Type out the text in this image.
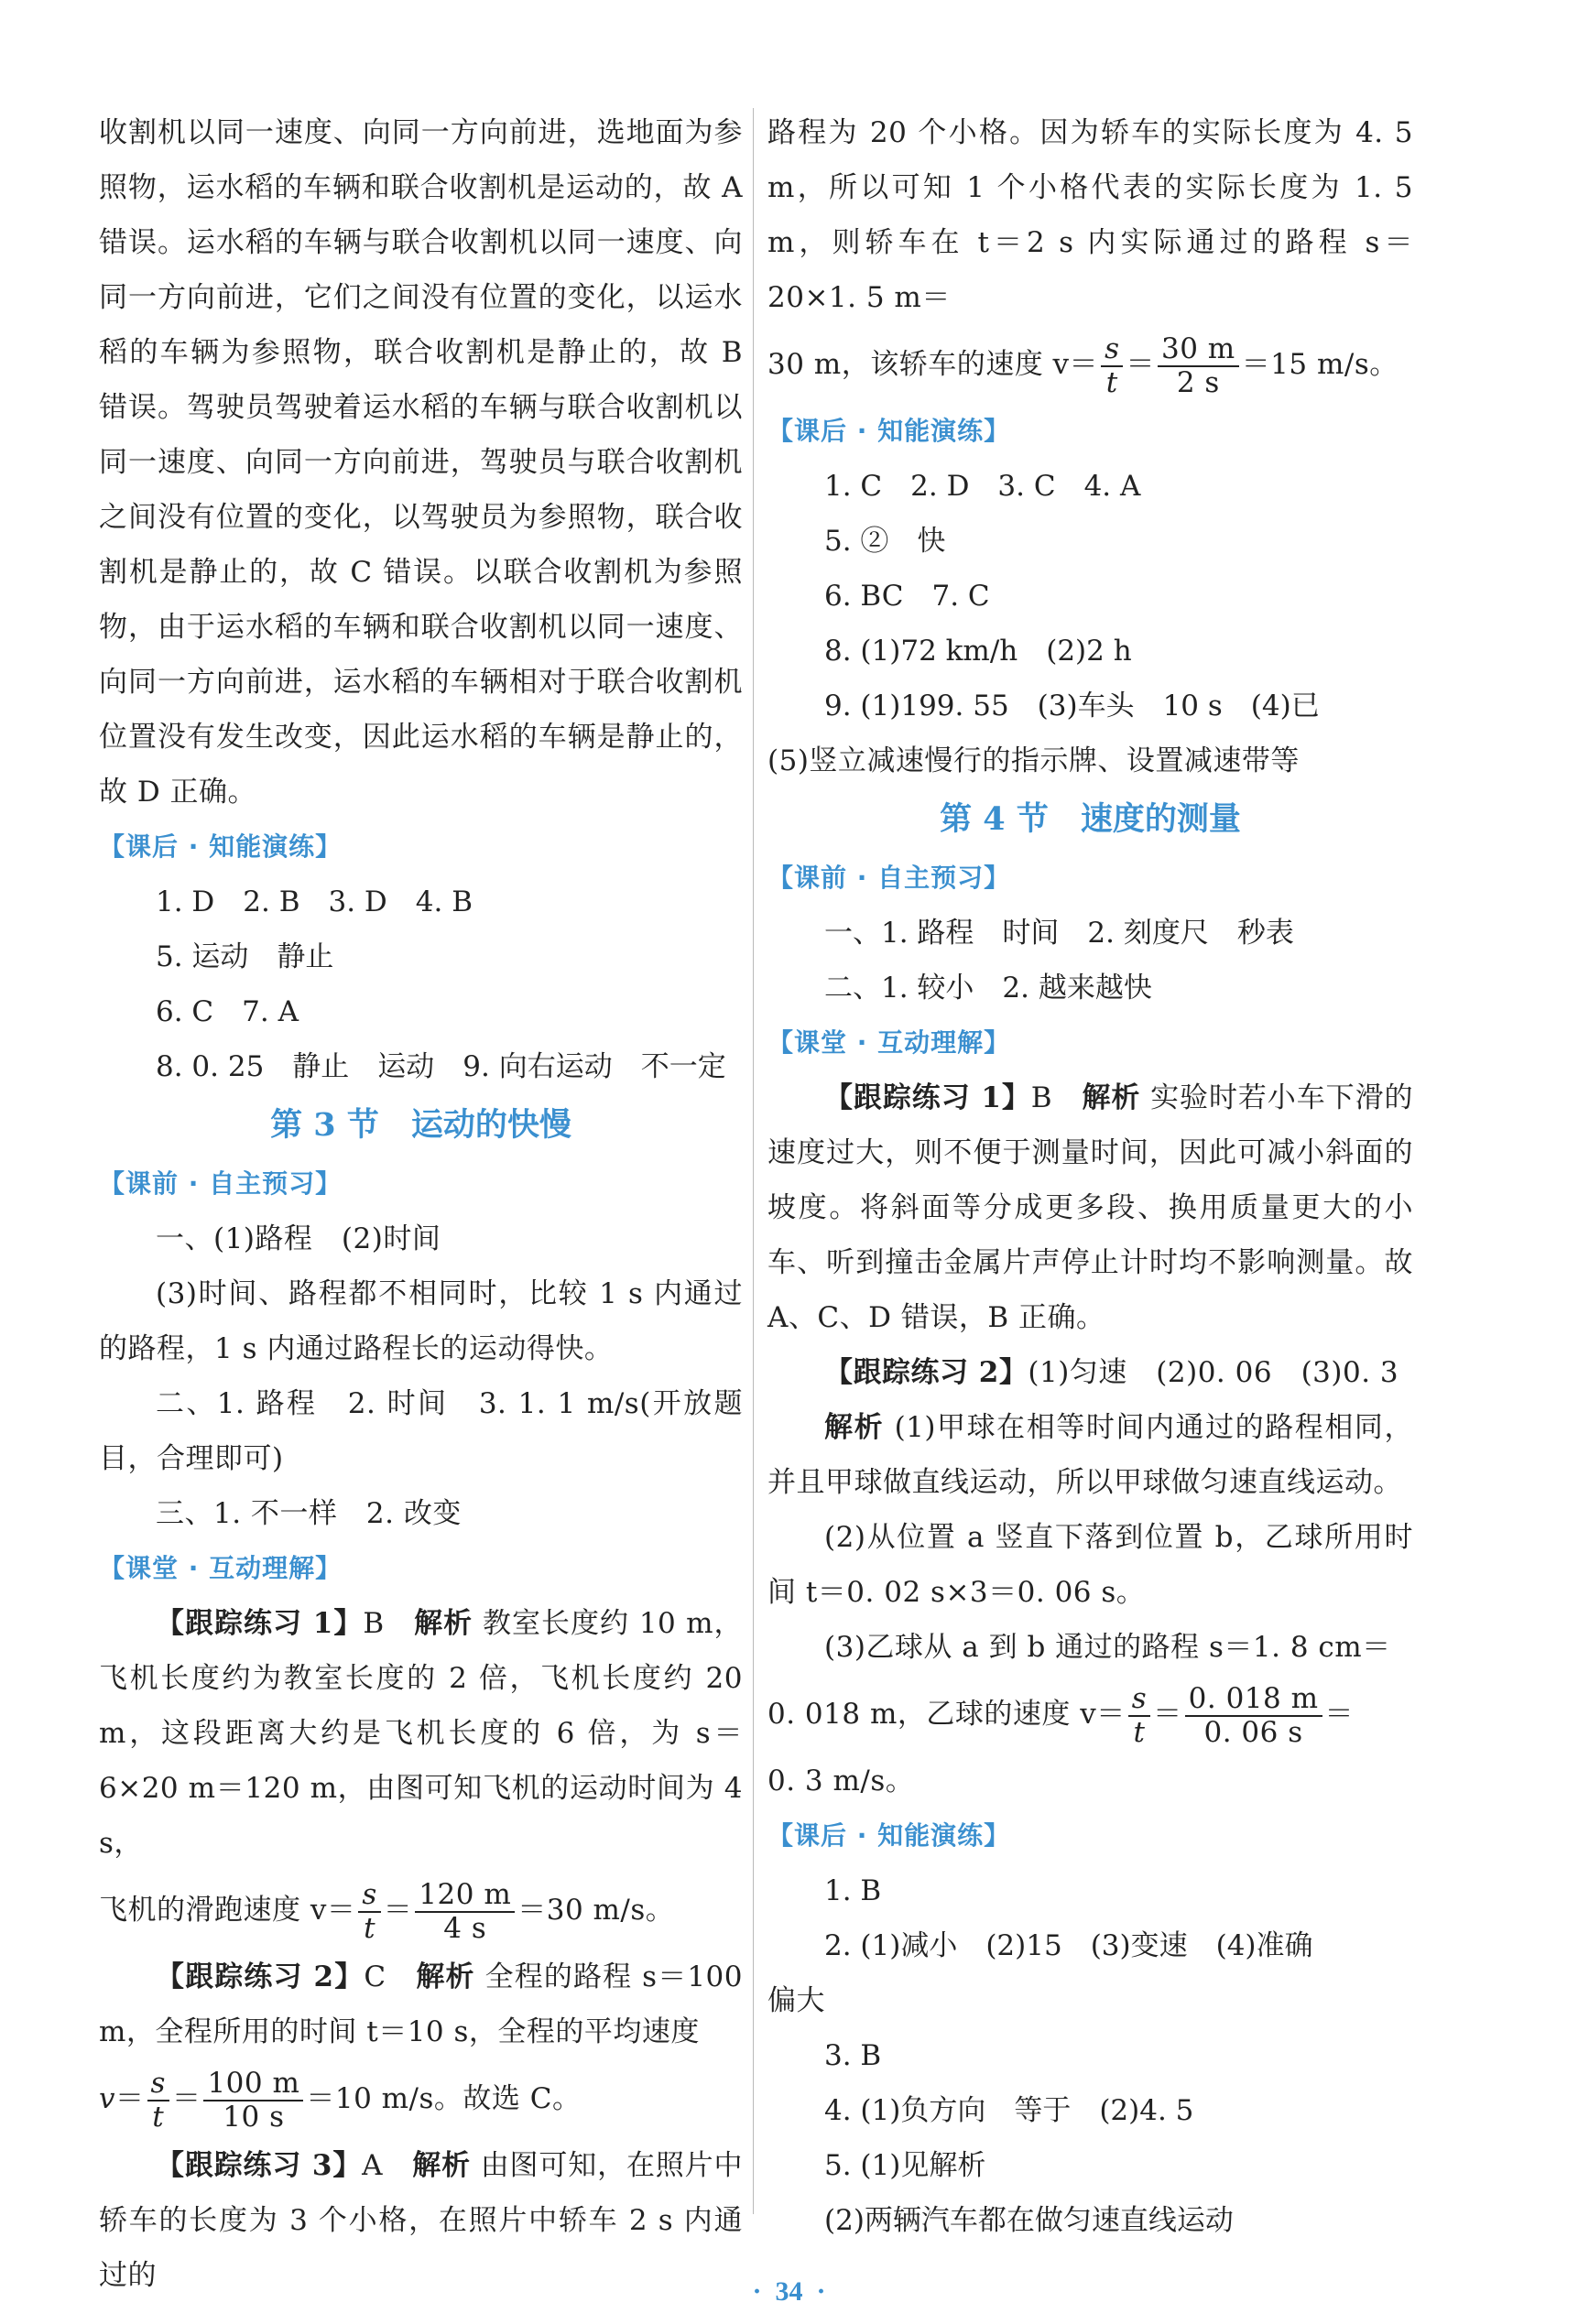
收割机以同一速度、向同一方向前进，选地面为参照物，运水稻的车辆和联合收割机是运动的，故 A 错误。运水稻的车辆与联合收割机以同一速度、向同一方向前进，它们之间没有位置的变化，以运水稻的车辆为参照物，联合收割机是静止的，故 B 错误。驾驶员驾驶着运水稻的车辆与联合收割机以同一速度、向同一方向前进，驾驶员与联合收割机之间没有位置的变化，以驾驶员为参照物，联合收割机是静止的，故 C 错误。以联合收割机为参照物，由于运水稻的车辆和联合收割机以同一速度、向同一方向前进，运水稻的车辆相对于联合收割机位置没有发生改变，因此运水稻的车辆是静止的，故 D 正确。

【课后 · 知能演练】

1. D　2. B　3. D　4. B

5. 运动　静止

6. C　7. A

8. 0. 25　静止　运动　9. 向右运动　不一定

第 3 节　运动的快慢

【课前 · 自主预习】

一、(1)路程　(2)时间

(3)时间、路程都不相同时，比较 1 s 内通过的路程，1 s 内通过路程长的运动得快。

二、1. 路程　2. 时间　3. 1. 1 m/s(开放题目，合理即可)

三、1. 不一样　2. 改变

【课堂 · 互动理解】

【跟踪练习 1】B　 解析 教室长度约 10 m，飞机长度约为教室长度的 2 倍，飞机长度约 20 m，这段距离大约是飞机长度的 6 倍，为 s＝6×20 m＝120 m，由图可知飞机的运动时间为 4 s，

飞机的滑跑速度 $v= \frac{s}{t} = \frac{120 m}{4 s} =30$ m/s。

【跟踪练习 2】C　 解析 全程的路程 s＝100 m，全程所用的时间 t＝10 s，全程的平均速度

$v= \frac{s}{t} = \frac{100 m}{10 s} =10$ m/s。故选 C。

【跟踪练习 3】A　 解析 由图可知，在照片中轿车的长度为 3 个小格，在照片中轿车 2 s 内通过的

路程为 20 个小格。因为轿车的实际长度为 4. 5 m，所以可知 1 个小格代表的实际长度为 1. 5 m，则轿车在 t＝2 s 内实际通过的路程 s＝20×1. 5 m＝

30 m，该轿车的速度 $v= \frac{s}{t} = \frac{30 m}{2 s} =15$ m/s。

【课后 · 知能演练】

1. C　2. D　3. C　4. A

5. ②　快

6. BC　7. C

8. (1)72 km/h　(2)2 h

9. (1)199. 55　(3)车头　10 s　(4)已

(5)竖立减速慢行的指示牌、设置减速带等

第 4 节　速度的测量

【课前 · 自主预习】

一、1. 路程　时间　2. 刻度尺　秒表

二、1. 较小　2. 越来越快

【课堂 · 互动理解】

【跟踪练习 1】B　 解析 实验时若小车下滑的速度过大，则不便于测量时间，因此可减小斜面的坡度。将斜面等分成更多段、换用质量更大的小车、听到撞击金属片声停止计时均不影响测量。故 A、C、D 错误，B 正确。

【跟踪练习 2】(1)匀速　(2)0. 06　(3)0. 3

解析 (1)甲球在相等时间内通过的路程相同，并且甲球做直线运动，所以甲球做匀速直线运动。

(2)从位置 a 竖直下落到位置 b，乙球所用时间 t＝0. 02 s×3＝0. 06 s。

(3)乙球从 a 到 b 通过的路程 s＝1. 8 cm＝

0. 018 m，乙球的速度 $v= \frac{s}{t} = \frac{0. 018 m}{0. 06 s}$ ＝

0. 3 m/s。

【课后 · 知能演练】

1. B

2. (1)减小　(2)15　(3)变速　(4)准确

偏大

3. B

4. (1)负方向　等于　(2)4. 5

5. (1)见解析

(2)两辆汽车都在做匀速直线运动

·  34  ·
